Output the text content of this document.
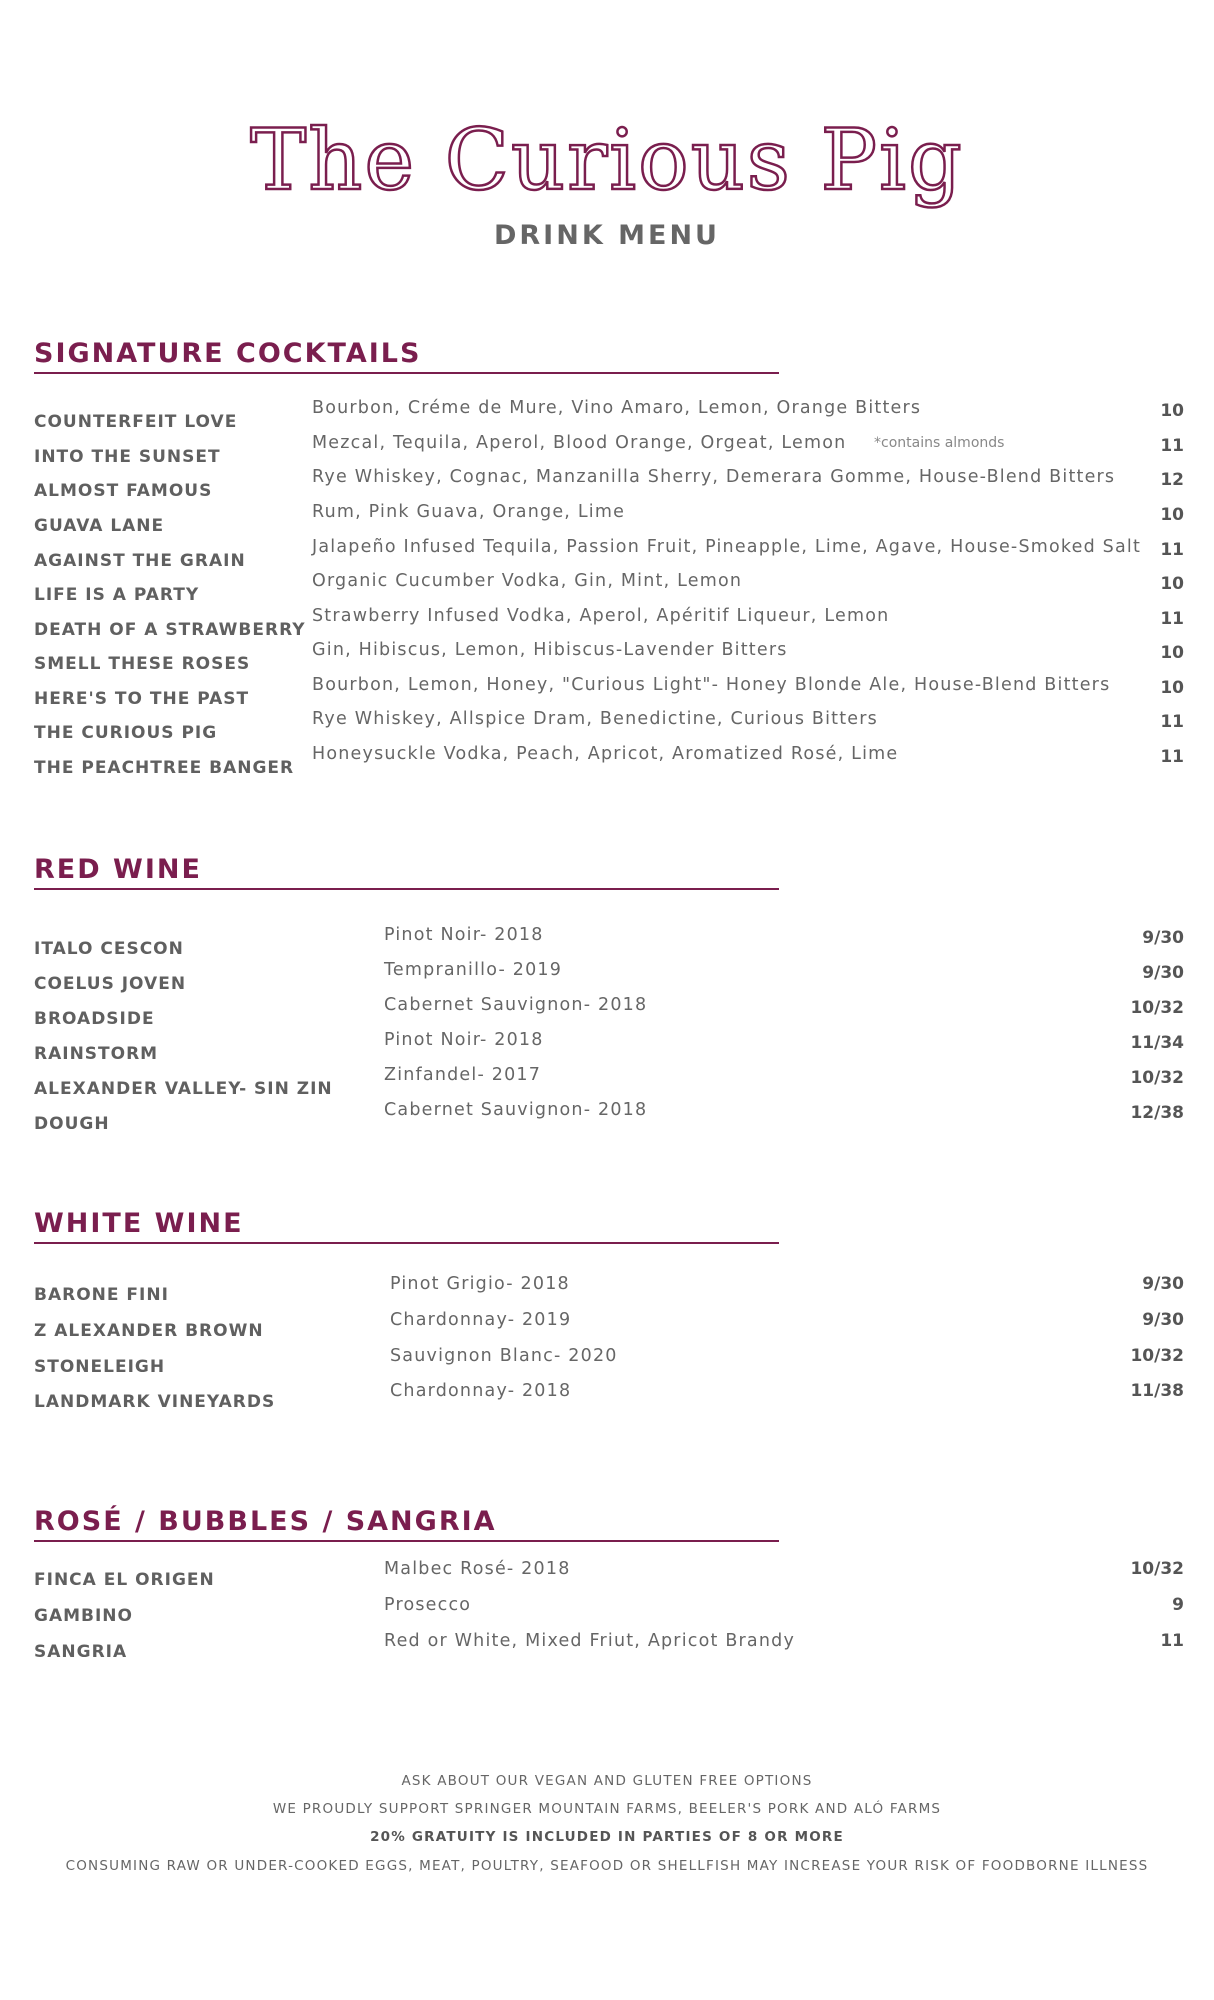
The Curious Pig
DRINK MENU
SIGNATURE COCKTAILS
COUNTERFEIT LOVE
Bourbon, Créme de Mure, Vino Amaro, Lemon, Orange Bitters	10
INTO THE SUNSET
Mezcal, Tequila, Aperol, Blood Orange, Orgeat, Lemon *contains almonds	11
ALMOST FAMOUS
Rye Whiskey, Cognac, Manzanilla Sherry, Demerara Gomme, House-Blend Bitters	12
GUAVA LANE
Rum, Pink Guava, Orange, Lime	10
AGAINST THE GRAIN
Jalapeño Infused Tequila, Passion Fruit, Pineapple, Lime, Agave, House-Smoked Salt 11
LIFE IS A PARTY
Organic Cucumber Vodka, Gin, Mint, Lemon	10
DEATH OF A STRAWBERRY
Strawberry Infused Vodka, Aperol, Apéritif Liqueur, Lemon	11
SMELL THESE ROSES
Gin, Hibiscus, Lemon, Hibiscus-Lavender Bitters	10
HERE'S TO THE PAST
Bourbon, Lemon, Honey, "Curious Light"- Honey Blonde Ale, House-Blend Bitters	10
THE CURIOUS PIG
Rye Whiskey, Allspice Dram, Benedictine, Curious Bitters	11
THE PEACHTREE BANGER
Honeysuckle Vodka, Peach, Apricot, Aromatized Rosé, Lime	11
RED WINE
ITALO CESCON
Pinot Noir- 2018	9/30
COELUS JOVEN
Tempranillo- 2019	9/30
BROADSIDE
Cabernet Sauvignon- 2018	10/32
RAINSTORM
Pinot Noir- 2018	11/34
ALEXANDER VALLEY- SIN ZIN
Zinfandel- 2017	10/32
DOUGH
Cabernet Sauvignon- 2018	12/38
WHITE WINE
BARONE FINI
Pinot Grigio- 2018	9/30
Z ALEXANDER BROWN
Chardonnay- 2019	9/30
STONELEIGH
Sauvignon Blanc- 2020	10/32
LANDMARK VINEYARDS
Chardonnay- 2018	11/38
ROSÉ / BUBBLES / SANGRIA
FINCA EL ORIGEN
Malbec Rosé- 2018	10/32
GAMBINO
Prosecco	9
SANGRIA
Red or White, Mixed Friut, Apricot Brandy	11
ASK ABOUT OUR VEGAN AND GLUTEN FREE OPTIONS
WE PROUDLY SUPPORT SPRINGER MOUNTAIN FARMS, BEELER'S PORK AND ALÓ FARMS
20% GRATUITY IS INCLUDED IN PARTIES OF 8 OR MORE
CONSUMING RAW OR UNDER-COOKED EGGS, MEAT, POULTRY, SEAFOOD OR SHELLFISH MAY INCREASE YOUR RISK OF FOODBORNE ILLNESS
